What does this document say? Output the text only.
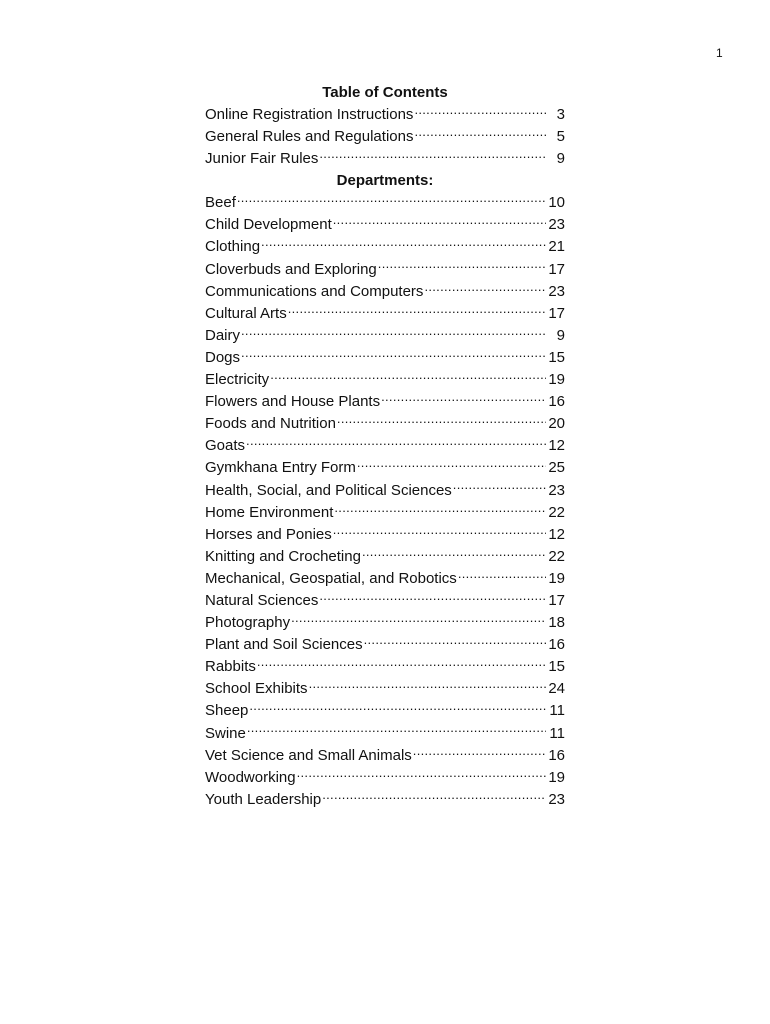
1
Table of Contents
Online Registration Instructions .....	3
General Rules and Regulations .....	5
Junior Fair Rules .....	9
Departments:
Beef .....	10
Child Development .....	23
Clothing .....	21
Cloverbuds and Exploring .....	17
Communications and Computers .....	23
Cultural Arts .....	17
Dairy .....	9
Dogs .....	15
Electricity .....	19
Flowers and House Plants .....	16
Foods and Nutrition .....	20
Goats .....	12
Gymkhana Entry Form .....	25
Health, Social, and Political Sciences .....	23
Home Environment .....	22
Horses and Ponies .....	12
Knitting and Crocheting .....	22
Mechanical, Geospatial, and Robotics .....	19
Natural Sciences .....	17
Photography .....	18
Plant and Soil Sciences .....	16
Rabbits .....	15
School Exhibits .....	24
Sheep .....	11
Swine .....	11
Vet Science and Small Animals .....	16
Woodworking .....	19
Youth Leadership .....	23
